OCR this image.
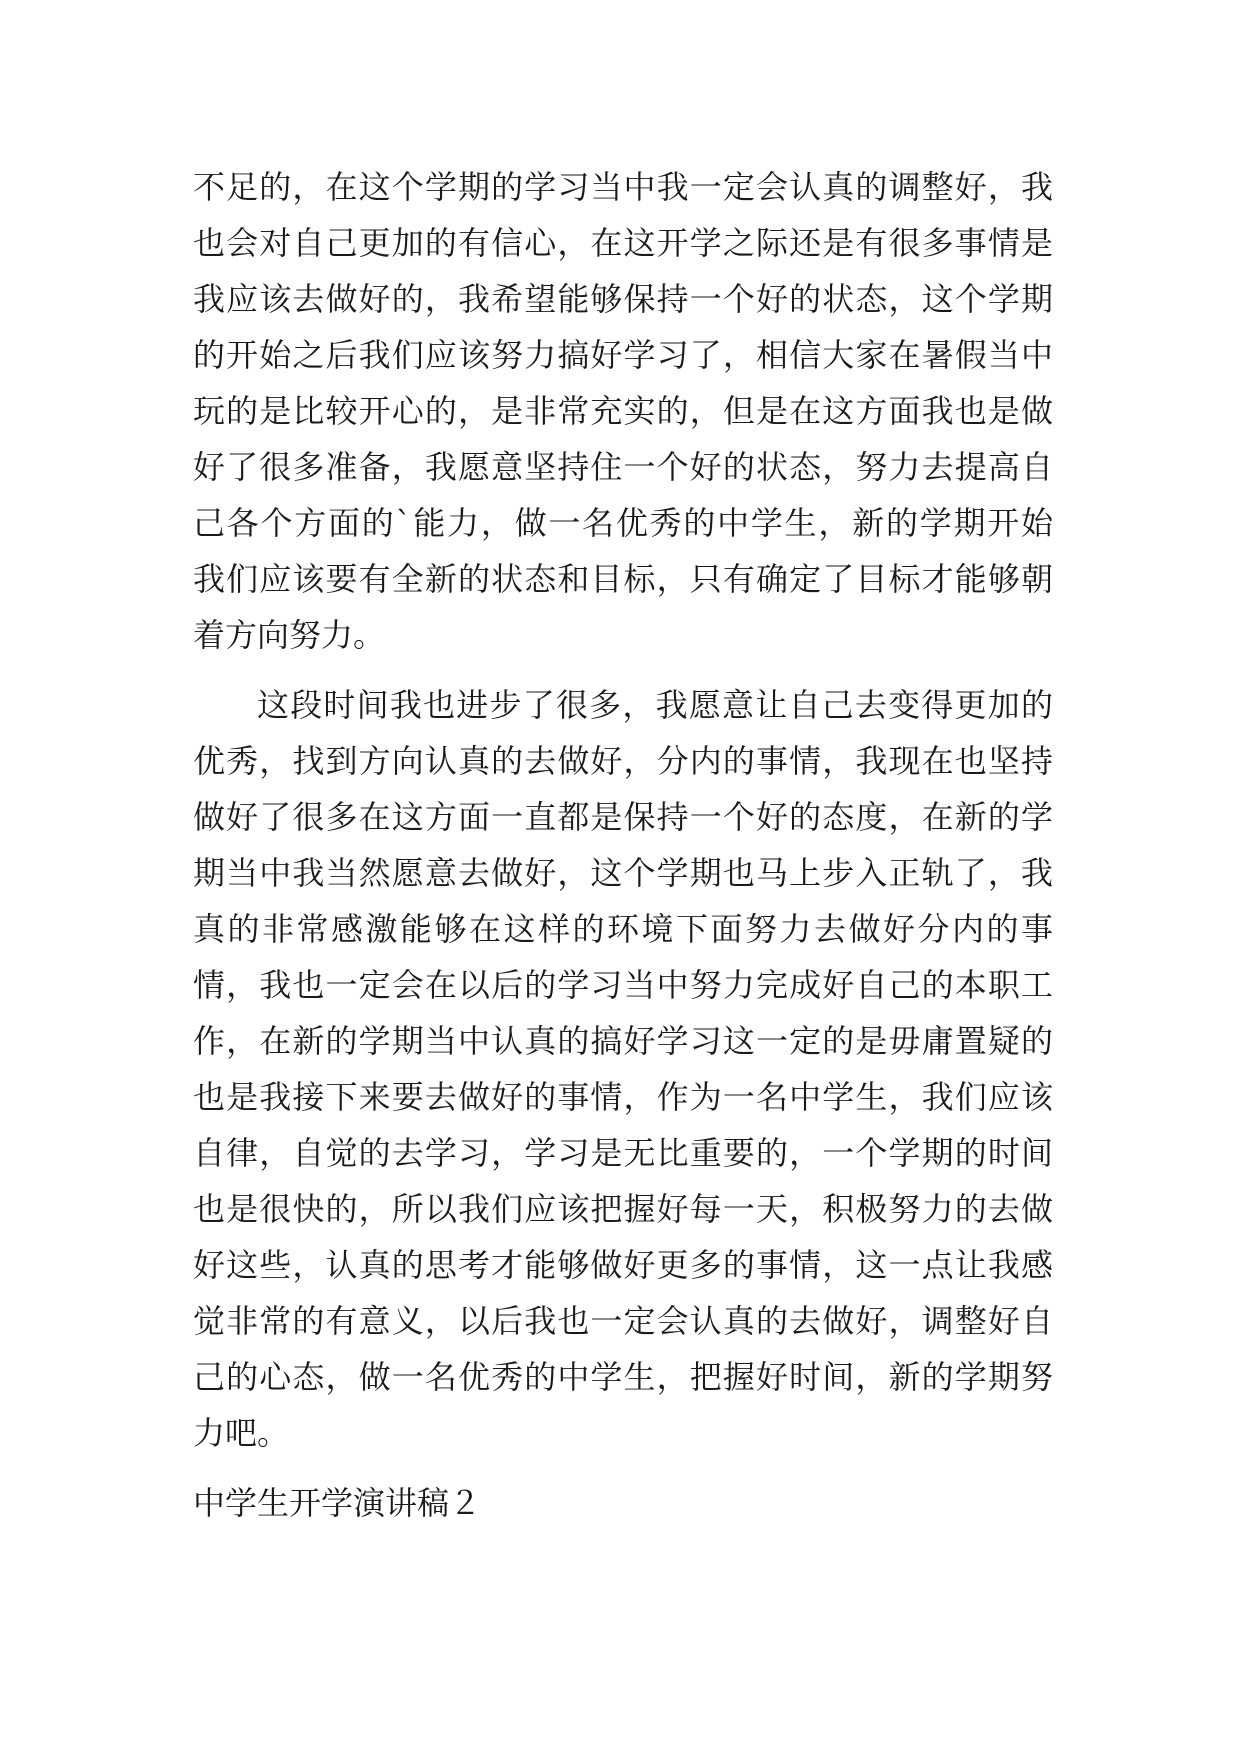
不足的，在这个学期的学习当中我一定会认真的调整好，我
也会对自己更加的有信心，在这开学之际还是有很多事情是
我应该去做好的，我希望能够保持一个好的状态，这个学期
的开始之后我们应该努力搞好学习了，相信大家在暑假当中
玩的是比较开心的，是非常充实的，但是在这方面我也是做
好了很多准备，我愿意坚持住一个好的状态，努力去提高自
己各个方面的`能力，做一名优秀的中学生，新的学期开始
我们应该要有全新的状态和目标，只有确定了目标才能够朝
着方向努力。
这段时间我也进步了很多，我愿意让自己去变得更加的
优秀，找到方向认真的去做好，分内的事情，我现在也坚持
做好了很多在这方面一直都是保持一个好的态度，在新的学
期当中我当然愿意去做好，这个学期也马上步入正轨了，我
真的非常感激能够在这样的环境下面努力去做好分内的事
情，我也一定会在以后的学习当中努力完成好自己的本职工
作，在新的学期当中认真的搞好学习这一定的是毋庸置疑的
也是我接下来要去做好的事情，作为一名中学生，我们应该
自律，自觉的去学习，学习是无比重要的，一个学期的时间
也是很快的，所以我们应该把握好每一天，积极努力的去做
好这些，认真的思考才能够做好更多的事情，这一点让我感
觉非常的有意义，以后我也一定会认真的去做好，调整好自
己的心态，做一名优秀的中学生，把握好时间，新的学期努
力吧。
中学生开学演讲稿２
